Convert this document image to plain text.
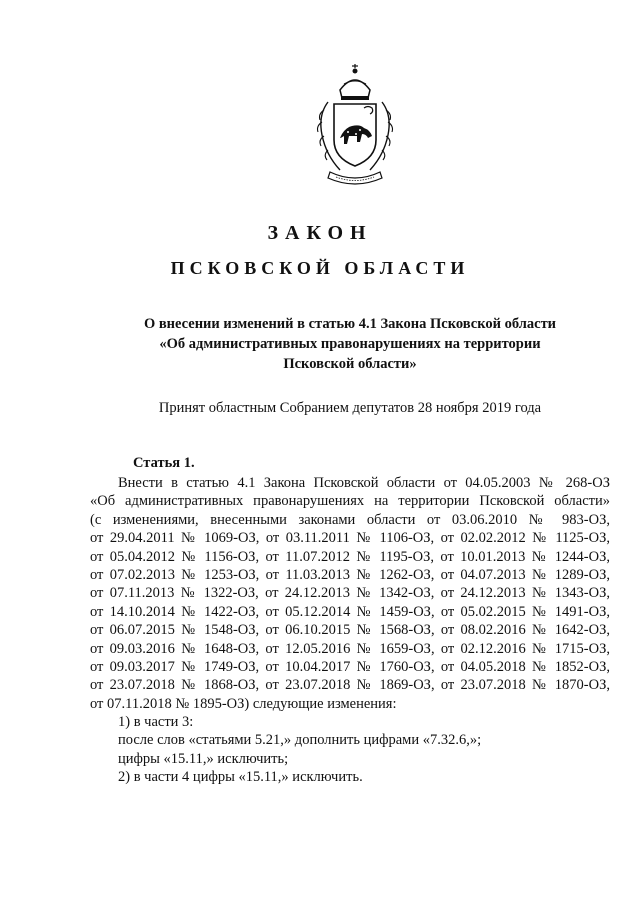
ЗАКОН
ПСКОВСКОЙ ОБЛАСТИ
О внесении изменений в статью 4.1 Закона Псковской области
«Об административных правонарушениях на территории
Псковской области»
Принят областным Собранием депутатов 28 ноября 2019 года
Статья 1.
Внести в статью 4.1 Закона Псковской области от 04.05.2003 № 268-ОЗ
«Об административных правонарушениях на территории Псковской области»
(с изменениями, внесенными законами области от 03.06.2010 № 983-ОЗ,
от 29.04.2011 № 1069-ОЗ, от 03.11.2011 № 1106-ОЗ, от 02.02.2012 № 1125-ОЗ,
от 05.04.2012 № 1156-ОЗ, от 11.07.2012 № 1195-ОЗ, от 10.01.2013 № 1244-ОЗ,
от 07.02.2013 № 1253-ОЗ, от 11.03.2013 № 1262-ОЗ, от 04.07.2013 № 1289-ОЗ,
от 07.11.2013 № 1322-ОЗ, от 24.12.2013 № 1342-ОЗ, от 24.12.2013 № 1343-ОЗ,
от 14.10.2014 № 1422-ОЗ, от 05.12.2014 № 1459-ОЗ, от 05.02.2015 № 1491-ОЗ,
от 06.07.2015 № 1548-ОЗ, от 06.10.2015 № 1568-ОЗ, от 08.02.2016 № 1642-ОЗ,
от 09.03.2016 № 1648-ОЗ, от 12.05.2016 № 1659-ОЗ, от 02.12.2016 № 1715-ОЗ,
от 09.03.2017 № 1749-ОЗ, от 10.04.2017 № 1760-ОЗ, от 04.05.2018 № 1852-ОЗ,
от 23.07.2018 № 1868-ОЗ, от 23.07.2018 № 1869-ОЗ, от 23.07.2018 № 1870-ОЗ,
от 07.11.2018 № 1895-ОЗ) следующие изменения:
1) в части 3:
после слов «статьями 5.21,» дополнить цифрами «7.32.6,»;
цифры «15.11,» исключить;
2) в части 4 цифры «15.11,» исключить.
